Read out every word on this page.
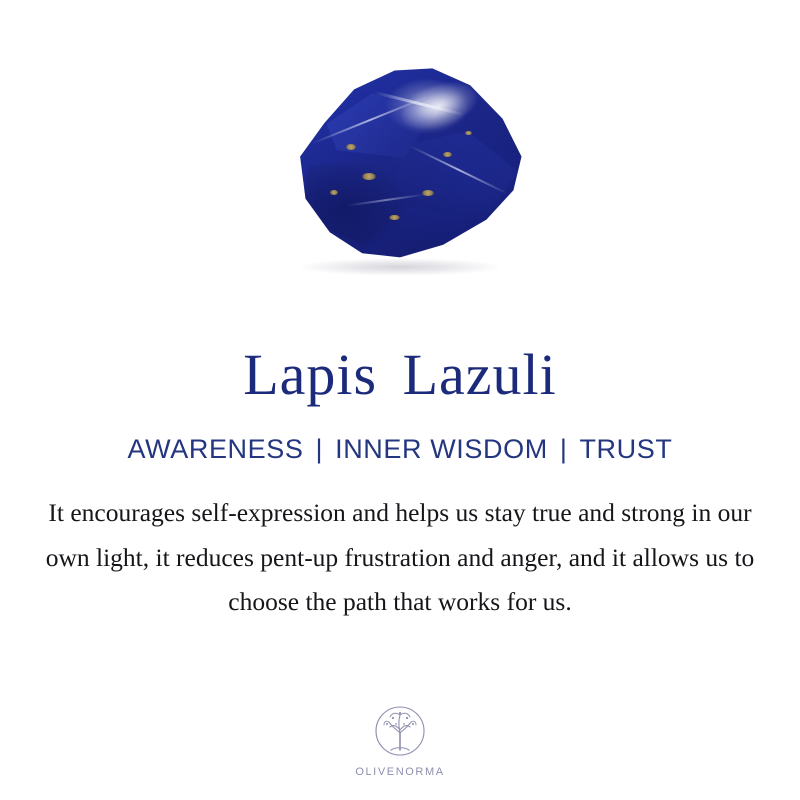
Lapis Lazuli
AWARENESS | INNER WISDOM | TRUST
It encourages self-expression and helps us stay true and strong in our own light, it reduces pent-up frustration and anger, and it allows us to choose the path that works for us.
OLIVENORMA
